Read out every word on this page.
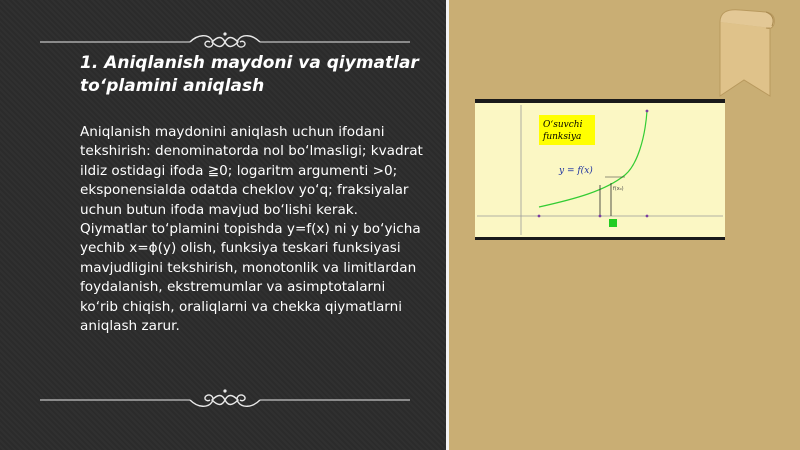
1. Aniqlanish maydoni va qiymatlar to‘plamini aniqlash

Aniqlanish maydonini aniqlash uchun ifodani tekshirish: denominatorda nol bo‘lmasligi; kvadrat ildiz ostidagi ifoda ≧0; logaritm argumenti >0; eksponensialda odatda cheklov yo‘q; fraksiyalar uchun butun ifoda mavjud bo‘lishi kerak. Qiymatlar to‘plamini topishda y=f(x) ni y bo‘yicha yechib x=ϕ(y) olish, funksiya teskari funksiyasi mavjudligini tekshirish, monotonlik va limitlardan foydalanish, ekstremumlar va asimptotalarni ko‘rib chiqish, oraliqlarni va chekka qiymatlarni aniqlash zarur.

O‘suvchi
funksiya
y = f(x)
f(x₀)
